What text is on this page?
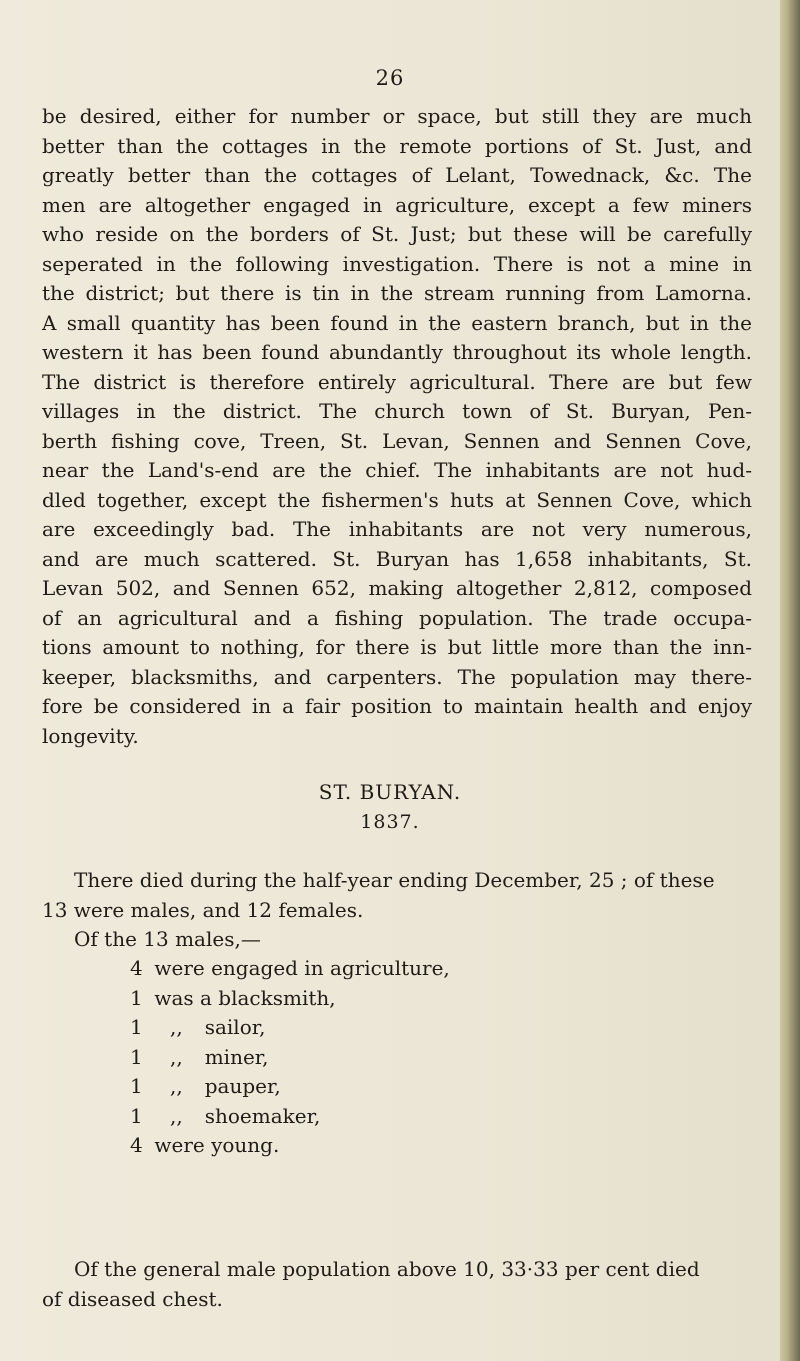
26
be desired, either for number or space, but still they are much
better than the cottages in the remote portions of St. Just, and
greatly better than the cottages of Lelant, Towednack, &c. The
men are altogether engaged in agriculture, except a few miners
who reside on the borders of St. Just; but these will be carefully
seperated in the following investigation. There is not a mine in
the district; but there is tin in the stream running from Lamorna.
A small quantity has been found in the eastern branch, but in the
western it has been found abundantly throughout its whole length.
The district is therefore entirely agricultural. There are but few
villages in the district. The church town of St. Buryan, Pen-
berth fishing cove, Treen, St. Levan, Sennen and Sennen Cove,
near the Land's-end are the chief. The inhabitants are not hud-
dled together, except the fishermen's huts at Sennen Cove, which
are exceedingly bad. The inhabitants are not very numerous,
and are much scattered. St. Buryan has 1,658 inhabitants, St.
Levan 502, and Sennen 652, making altogether 2,812, composed
of an agricultural and a fishing population. The trade occupa-
tions amount to nothing, for there is but little more than the inn-
keeper, blacksmiths, and carpenters. The population may there-
fore be considered in a fair position to maintain health and enjoy
longevity.
ST. BURYAN.
1837.
There died during the half-year ending December, 25 ; of these
13 were males, and 12 females.
Of the 13 males,—
4 were engaged in agriculture,
1 was a blacksmith,
1 ,, sailor,
1 ,, miner,
1 ,, pauper,
1 ,, shoemaker,
4 were young.
Of the general male population above 10, 33·33 per cent died
of diseased chest.
